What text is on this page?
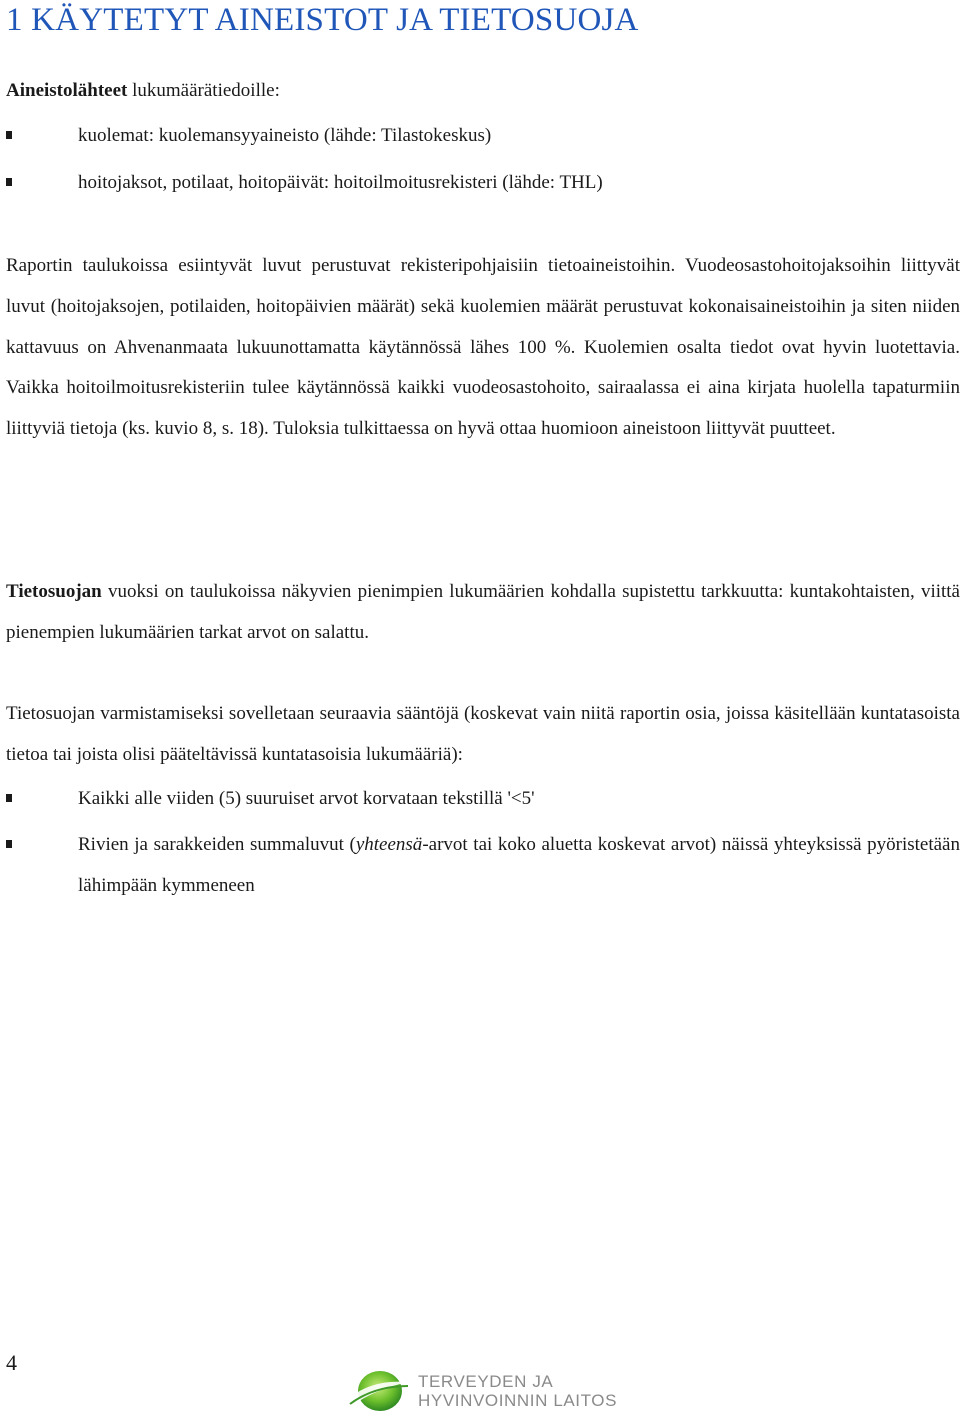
1 KÄYTETYT AINEISTOT JA TIETOSUOJA

Aineistolähteet lukumäärätiedoille:

kuolemat: kuolemansyyaineisto (lähde: Tilastokeskus)
hoitojaksot, potilaat, hoitopäivät: hoitoilmoitusrekisteri (lähde: THL)

Raportin taulukoissa esiintyvät luvut perustuvat rekisteripohjaisiin tietoaineistoihin. Vuodeosastohoitojaksoihin liittyvät luvut (hoitojaksojen, potilaiden, hoitopäivien määrät) sekä kuolemien määrät perustuvat kokonaisaineistoihin ja siten niiden kattavuus on Ahvenanmaata lukuunottamatta käytännössä lähes 100 %. Kuolemien osalta tiedot ovat hyvin luotettavia. Vaikka hoitoilmoitusrekisteriin tulee käytännössä kaikki vuodeosastohoito, sairaalassa ei aina kirjata huolella tapaturmiin liittyviä tietoja (ks. kuvio 8, s. 18). Tuloksia tulkittaessa on hyvä ottaa huomioon aineistoon liittyvät puutteet.

Tietosuojan vuoksi on taulukoissa näkyvien pienimpien lukumäärien kohdalla supistettu tarkkuutta: kuntakohtaisten, viittä pienempien lukumäärien tarkat arvot on salattu.

Tietosuojan varmistamiseksi sovelletaan seuraavia sääntöjä (koskevat vain niitä raportin osia, joissa käsitellään kuntatasoista tietoa tai joista olisi pääteltävissä kuntatasoisia lukumääriä):

Kaikki alle viiden (5) suuruiset arvot korvataan tekstillä '<5'
Rivien ja sarakkeiden summaluvut (yhteensä-arvot tai koko aluetta koskevat arvot) näissä yhteyksissä pyöristetään lähimpään kymmeneen
4
TERVEYDEN JA
HYVINVOINNIN LAITOS
